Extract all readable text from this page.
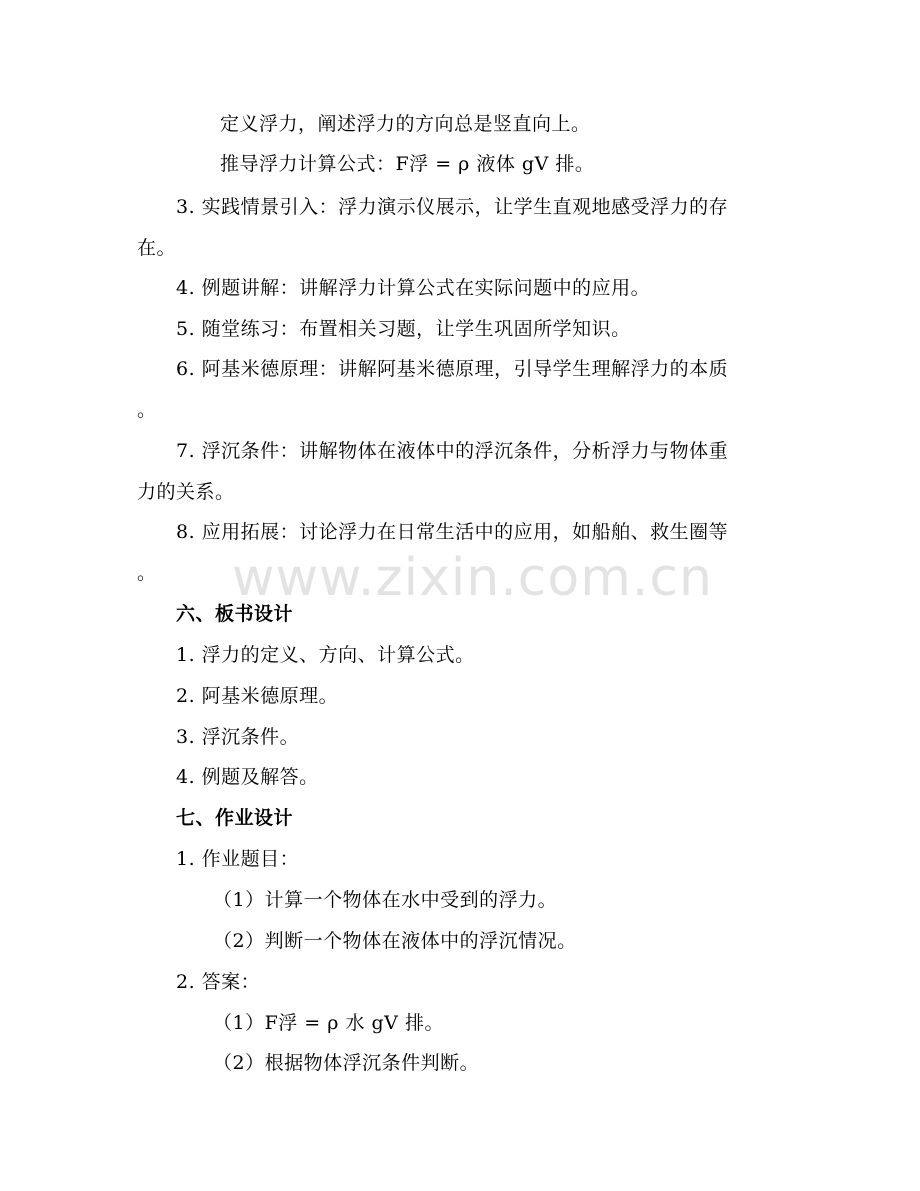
定义浮力，阐述浮力的方向总是竖直向上。
推导浮力计算公式：F浮 = ρ 液体 gV 排。
3. 实践情景引入：浮力演示仪展示，让学生直观地感受浮力的存
在。
4. 例题讲解：讲解浮力计算公式在实际问题中的应用。
5. 随堂练习：布置相关习题，让学生巩固所学知识。
6. 阿基米德原理：讲解阿基米德原理，引导学生理解浮力的本质
。
7. 浮沉条件：讲解物体在液体中的浮沉条件，分析浮力与物体重
力的关系。
8. 应用拓展：讨论浮力在日常生活中的应用，如船舶、救生圈等
。
六、板书设计
1. 浮力的定义、方向、计算公式。
2. 阿基米德原理。
3. 浮沉条件。
4. 例题及解答。
七、作业设计
1. 作业题目：
（1）计算一个物体在水中受到的浮力。
（2）判断一个物体在液体中的浮沉情况。
2. 答案：
（1）F浮 = ρ 水 gV 排。
（2）根据物体浮沉条件判断。
www.zixin.com.cn
